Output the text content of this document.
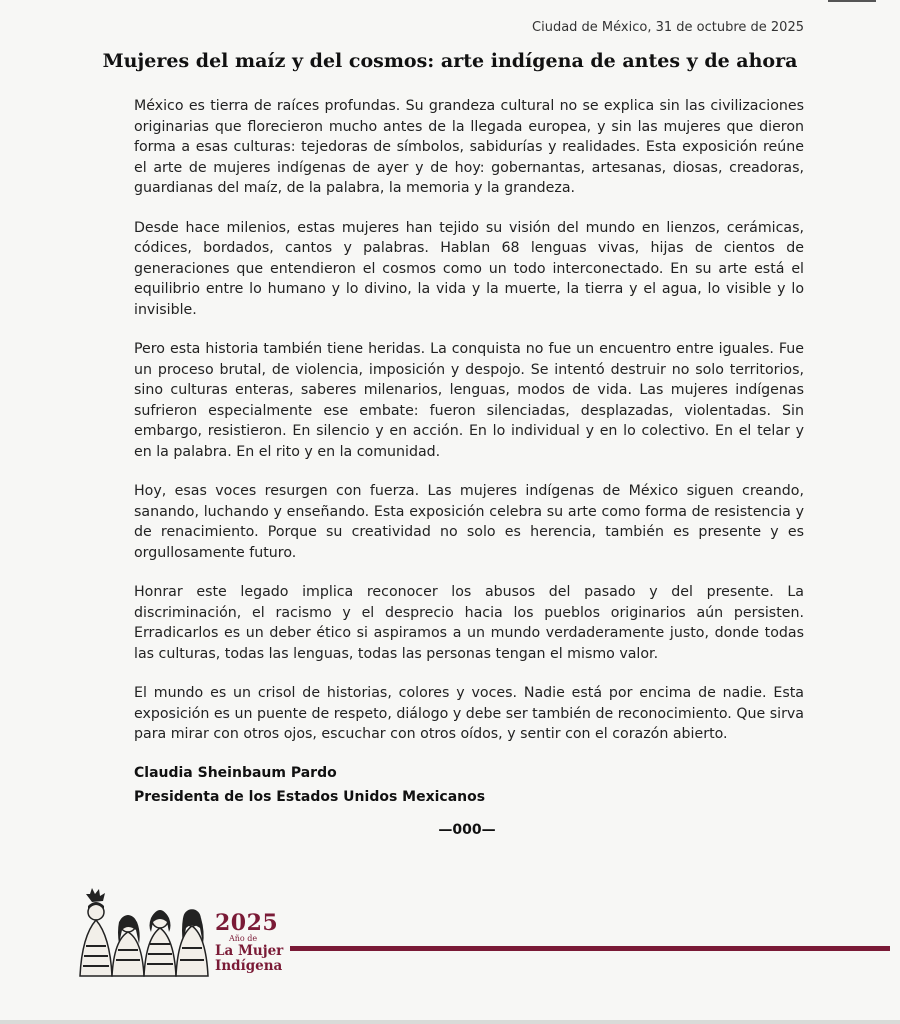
Ciudad de México, 31 de octubre de 2025
Mujeres del maíz y del cosmos: arte indígena de antes y de ahora

México es tierra de raíces profundas. Su grandeza cultural no se explica sin las civilizaciones originarias que florecieron mucho antes de la llegada europea, y sin las mujeres que dieron forma a esas culturas: tejedoras de símbolos, sabidurías y realidades. Esta exposición reúne el arte de mujeres indígenas de ayer y de hoy: gobernantas, artesanas, diosas, creadoras, guardianas del maíz, de la palabra, la memoria y la grandeza.

Desde hace milenios, estas mujeres han tejido su visión del mundo en lienzos, cerámicas, códices, bordados, cantos y palabras. Hablan 68 lenguas vivas, hijas de cientos de generaciones que entendieron el cosmos como un todo interconectado. En su arte está el equilibrio entre lo humano y lo divino, la vida y la muerte, la tierra y el agua, lo visible y lo invisible.

Pero esta historia también tiene heridas. La conquista no fue un encuentro entre iguales. Fue un proceso brutal, de violencia, imposición y despojo. Se intentó destruir no solo territorios, sino culturas enteras, saberes milenarios, lenguas, modos de vida. Las mujeres indígenas sufrieron especialmente ese embate: fueron silenciadas, desplazadas, violentadas. Sin embargo, resistieron. En silencio y en acción. En lo individual y en lo colectivo. En el telar y en la palabra. En el rito y en la comunidad.

Hoy, esas voces resurgen con fuerza. Las mujeres indígenas de México siguen creando, sanando, luchando y enseñando. Esta exposición celebra su arte como forma de resistencia y de renacimiento. Porque su creatividad no solo es herencia, también es presente y es orgullosamente futuro.

Honrar este legado implica reconocer los abusos del pasado y del presente. La discriminación, el racismo y el desprecio hacia los pueblos originarios aún persisten. Erradicarlos es un deber ético si aspiramos a un mundo verdaderamente justo, donde todas las culturas, todas las lenguas, todas las personas tengan el mismo valor.

El mundo es un crisol de historias, colores y voces. Nadie está por encima de nadie. Esta exposición es un puente de respeto, diálogo y debe ser también de reconocimiento. Que sirva para mirar con otros ojos, escuchar con otros oídos, y sentir con el corazón abierto.

Claudia Sheinbaum Pardo
Presidenta de los Estados Unidos Mexicanos
—000—
2025
Año de
La Mujer
Indígena
